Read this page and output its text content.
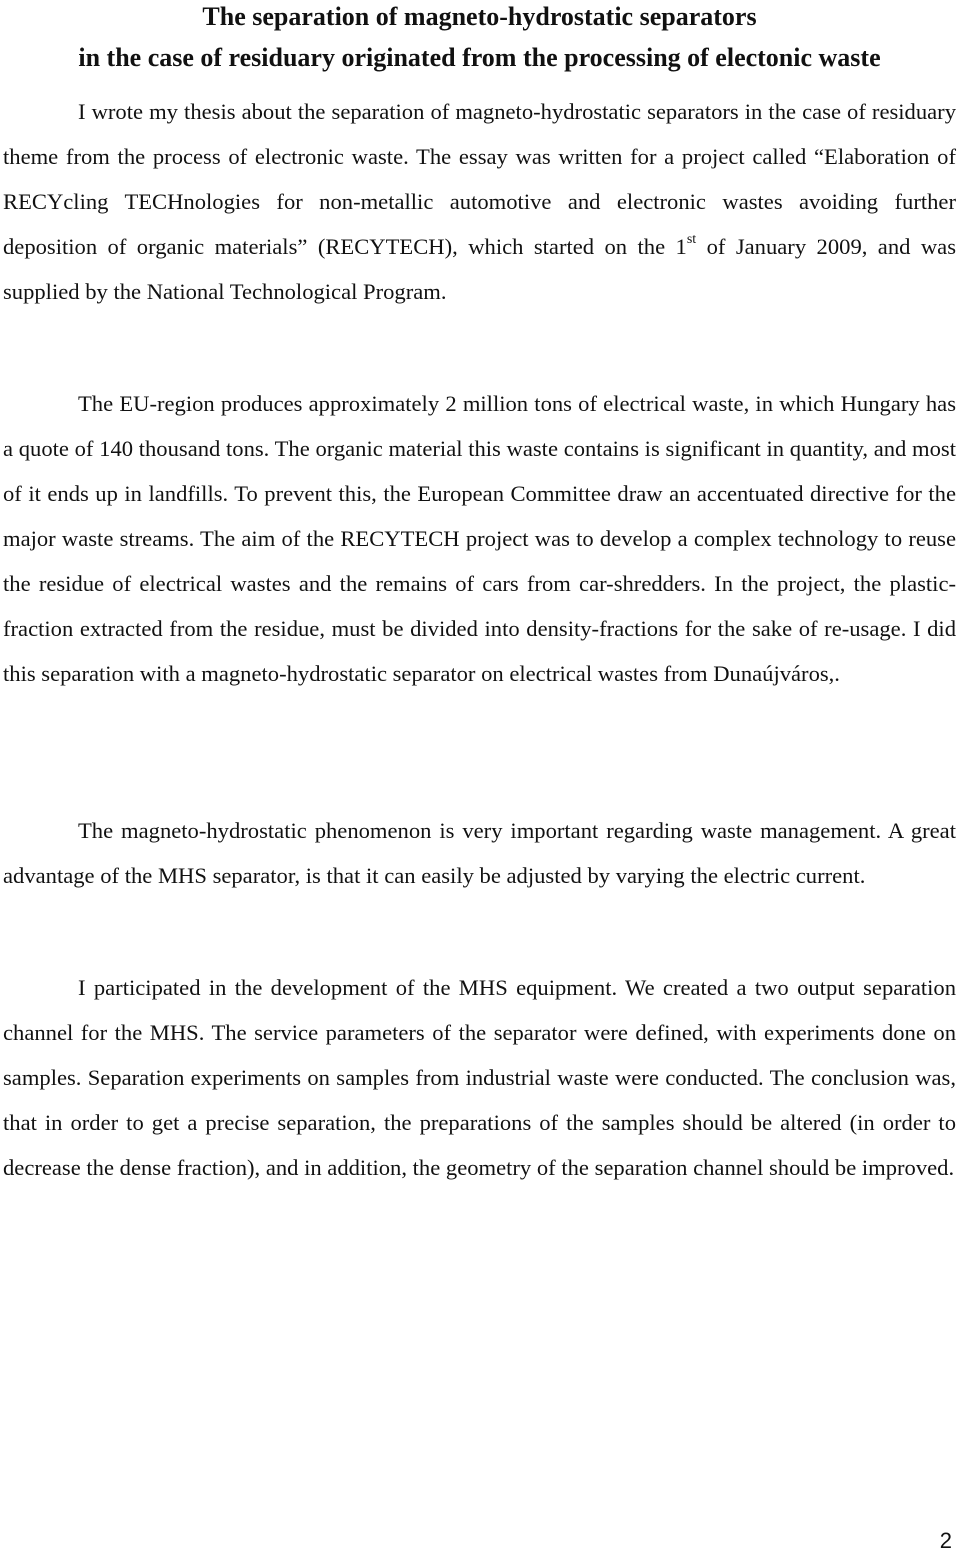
The separation of magneto-hydrostatic separators
in the case of residuary originated from the processing of electonic waste

I wrote my thesis about the separation of magneto-hydrostatic separators in the case of residuary theme from the process of electronic waste. The essay was written for a project called “Elaboration of RECYcling TECHnologies for non-metallic automotive and electronic wastes avoiding further deposition of organic materials” (RECYTECH), which started on the 1st of January 2009, and was supplied by the National Technological Program.

The EU-region produces approximately 2 million tons of electrical waste, in which Hungary has a quote of 140 thousand tons. The organic material this waste contains is significant in quantity, and most of it ends up in landfills. To prevent this, the European Committee draw an accentuated directive for the major waste streams. The aim of the RECYTECH project was to develop a complex technology to reuse the residue of electrical wastes and the remains of cars from car-shredders. In the project, the plastic-fraction extracted from the residue, must be divided into density-fractions for the sake of re-usage. I did this separation with a magneto-hydrostatic separator on electrical wastes from Dunaújváros,.

The magneto-hydrostatic phenomenon is very important regarding waste management. A great advantage of the MHS separator, is that it can easily be adjusted by varying the electric current.

I participated in the development of the MHS equipment. We created a two output separation channel for the MHS. The service parameters of the separator were defined, with experiments done on samples. Separation experiments on samples from industrial waste were conducted. The conclusion was, that in order to get a precise separation, the preparations of the samples should be altered (in order to decrease the dense fraction), and in addition, the geometry of the separation channel should be improved.

2
